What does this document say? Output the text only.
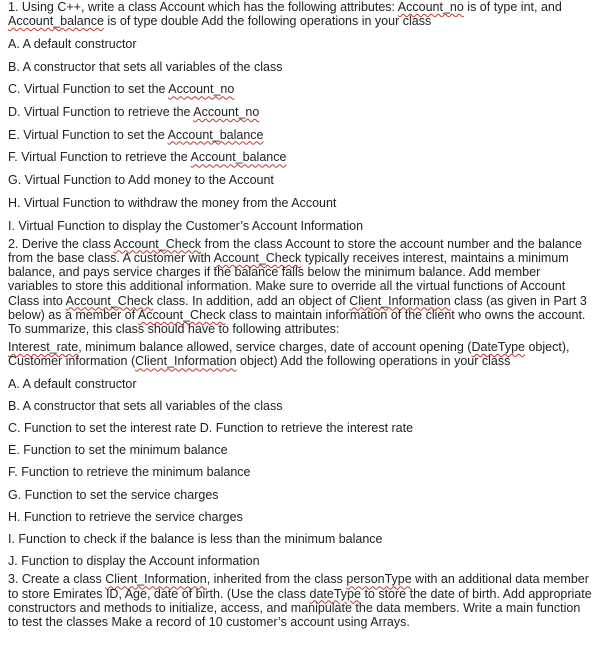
1. Using C++, write a class Account which has the following attributes: Account_no is of type int, and Account_balance is of type double Add the following operations in your class

A. A default constructor

B. A constructor that sets all variables of the class

C. Virtual Function to set the Account_no

D. Virtual Function to retrieve the Account_no

E. Virtual Function to set the Account_balance

F. Virtual Function to retrieve the Account_balance

G. Virtual Function to Add money to the Account

H. Virtual Function to withdraw the money from the Account

I. Virtual Function to display the Customer’s Account Information

2. Derive the class Account_Check from the class Account to store the account number and the balance from the base class. A customer with Account_Check typically receives interest, maintains a minimum balance, and pays service charges if the balance falls below the minimum balance. Add member variables to store this additional information. Make sure to override all the virtual functions of Account Class into Account_Check class. In addition, add an object of Client_Information class (as given in Part 3 below) as a member of Account_Check class to maintain information of the client who owns the account. To summarize, this class should have to following attributes:

Interest_rate, minimum balance allowed, service charges, date of account opening (DateType object), Customer information (Client_Information object) Add the following operations in your class

A. A default constructor

B. A constructor that sets all variables of the class

C. Function to set the interest rate D. Function to retrieve the interest rate

E. Function to set the minimum balance

F. Function to retrieve the minimum balance

G. Function to set the service charges

H. Function to retrieve the service charges

I. Function to check if the balance is less than the minimum balance

J. Function to display the Account information

3. Create a class Client_Information, inherited from the class personType with an additional data member to store Emirates ID, Age, date of birth. (Use the class dateType to store the date of birth. Add appropriate constructors and methods to initialize, access, and manipulate the data members. Write a main function to test the classes Make a record of 10 customer’s account using Arrays.
